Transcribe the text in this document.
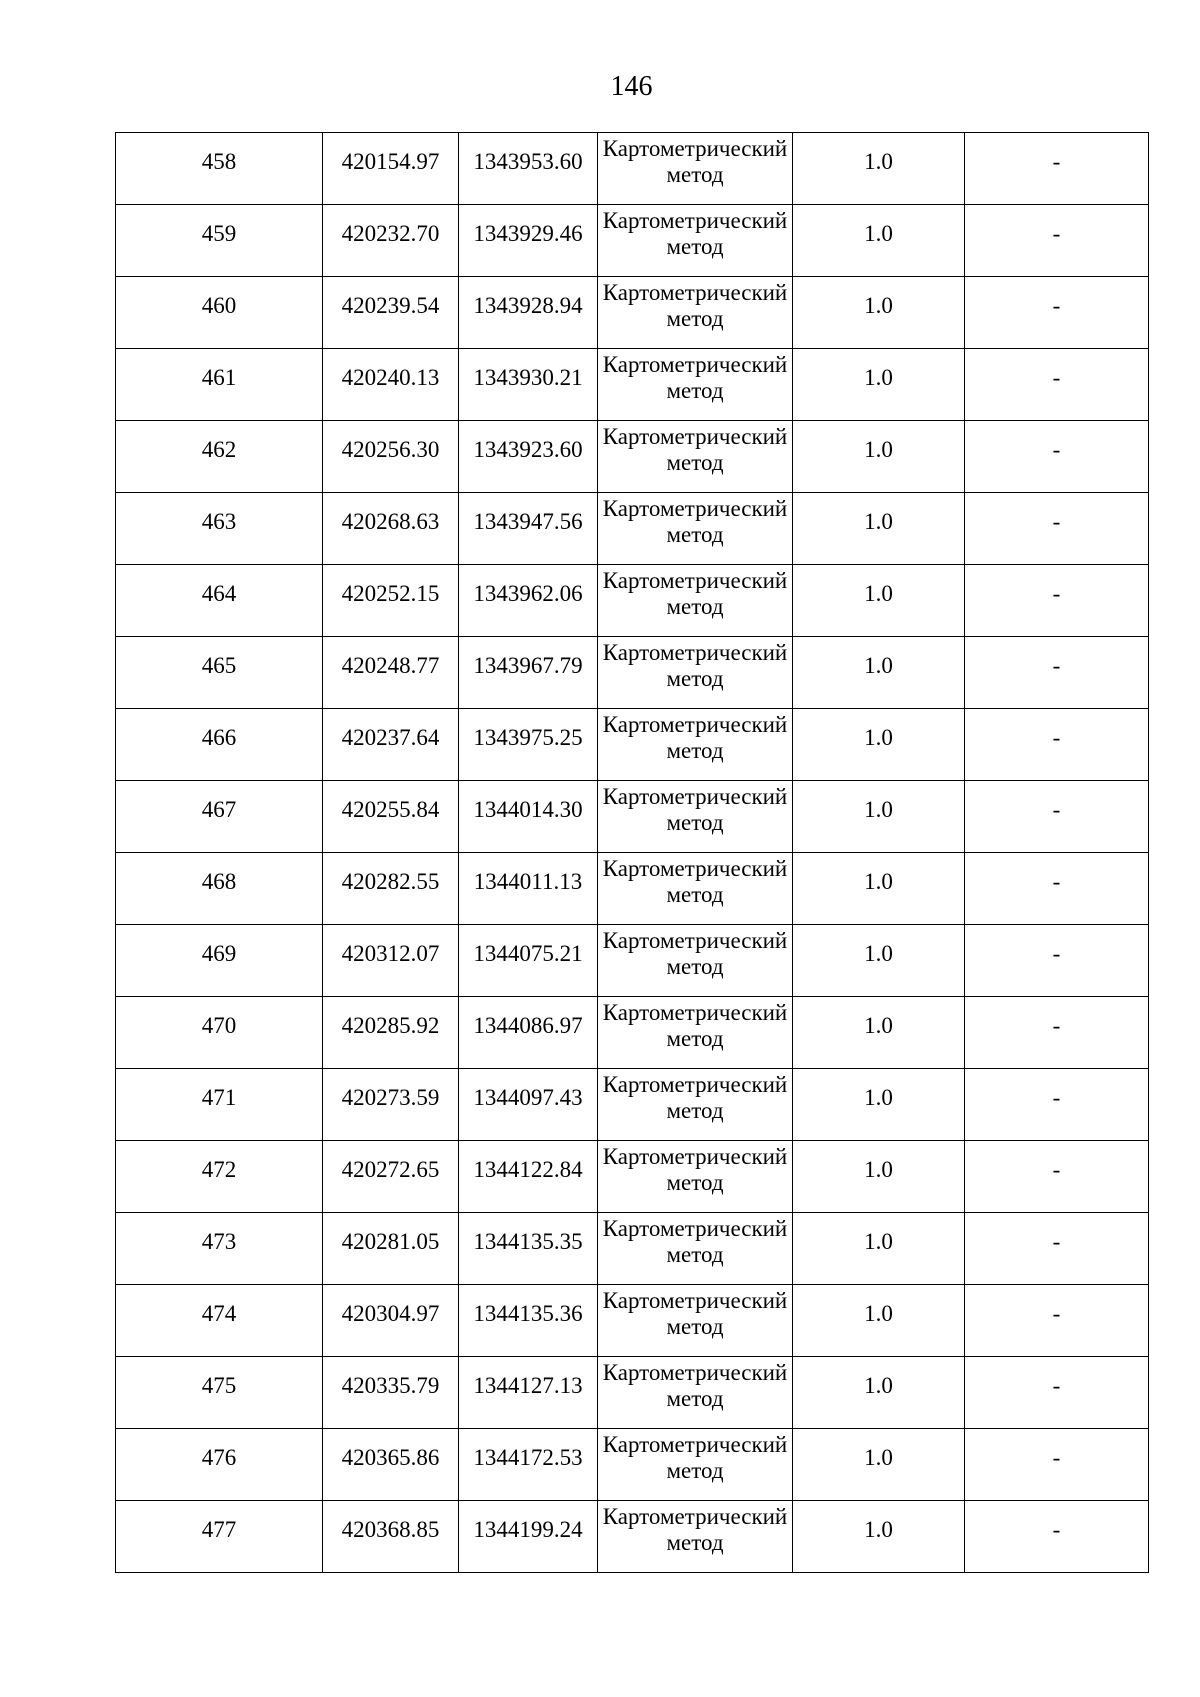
146
458	420154.97	1343953.60	Картометрический метод	1.0	-
459	420232.70	1343929.46	Картометрический метод	1.0	-
460	420239.54	1343928.94	Картометрический метод	1.0	-
461	420240.13	1343930.21	Картометрический метод	1.0	-
462	420256.30	1343923.60	Картометрический метод	1.0	-
463	420268.63	1343947.56	Картометрический метод	1.0	-
464	420252.15	1343962.06	Картометрический метод	1.0	-
465	420248.77	1343967.79	Картометрический метод	1.0	-
466	420237.64	1343975.25	Картометрический метод	1.0	-
467	420255.84	1344014.30	Картометрический метод	1.0	-
468	420282.55	1344011.13	Картометрический метод	1.0	-
469	420312.07	1344075.21	Картометрический метод	1.0	-
470	420285.92	1344086.97	Картометрический метод	1.0	-
471	420273.59	1344097.43	Картометрический метод	1.0	-
472	420272.65	1344122.84	Картометрический метод	1.0	-
473	420281.05	1344135.35	Картометрический метод	1.0	-
474	420304.97	1344135.36	Картометрический метод	1.0	-
475	420335.79	1344127.13	Картометрический метод	1.0	-
476	420365.86	1344172.53	Картометрический метод	1.0	-
477	420368.85	1344199.24	Картометрический метод	1.0	-
